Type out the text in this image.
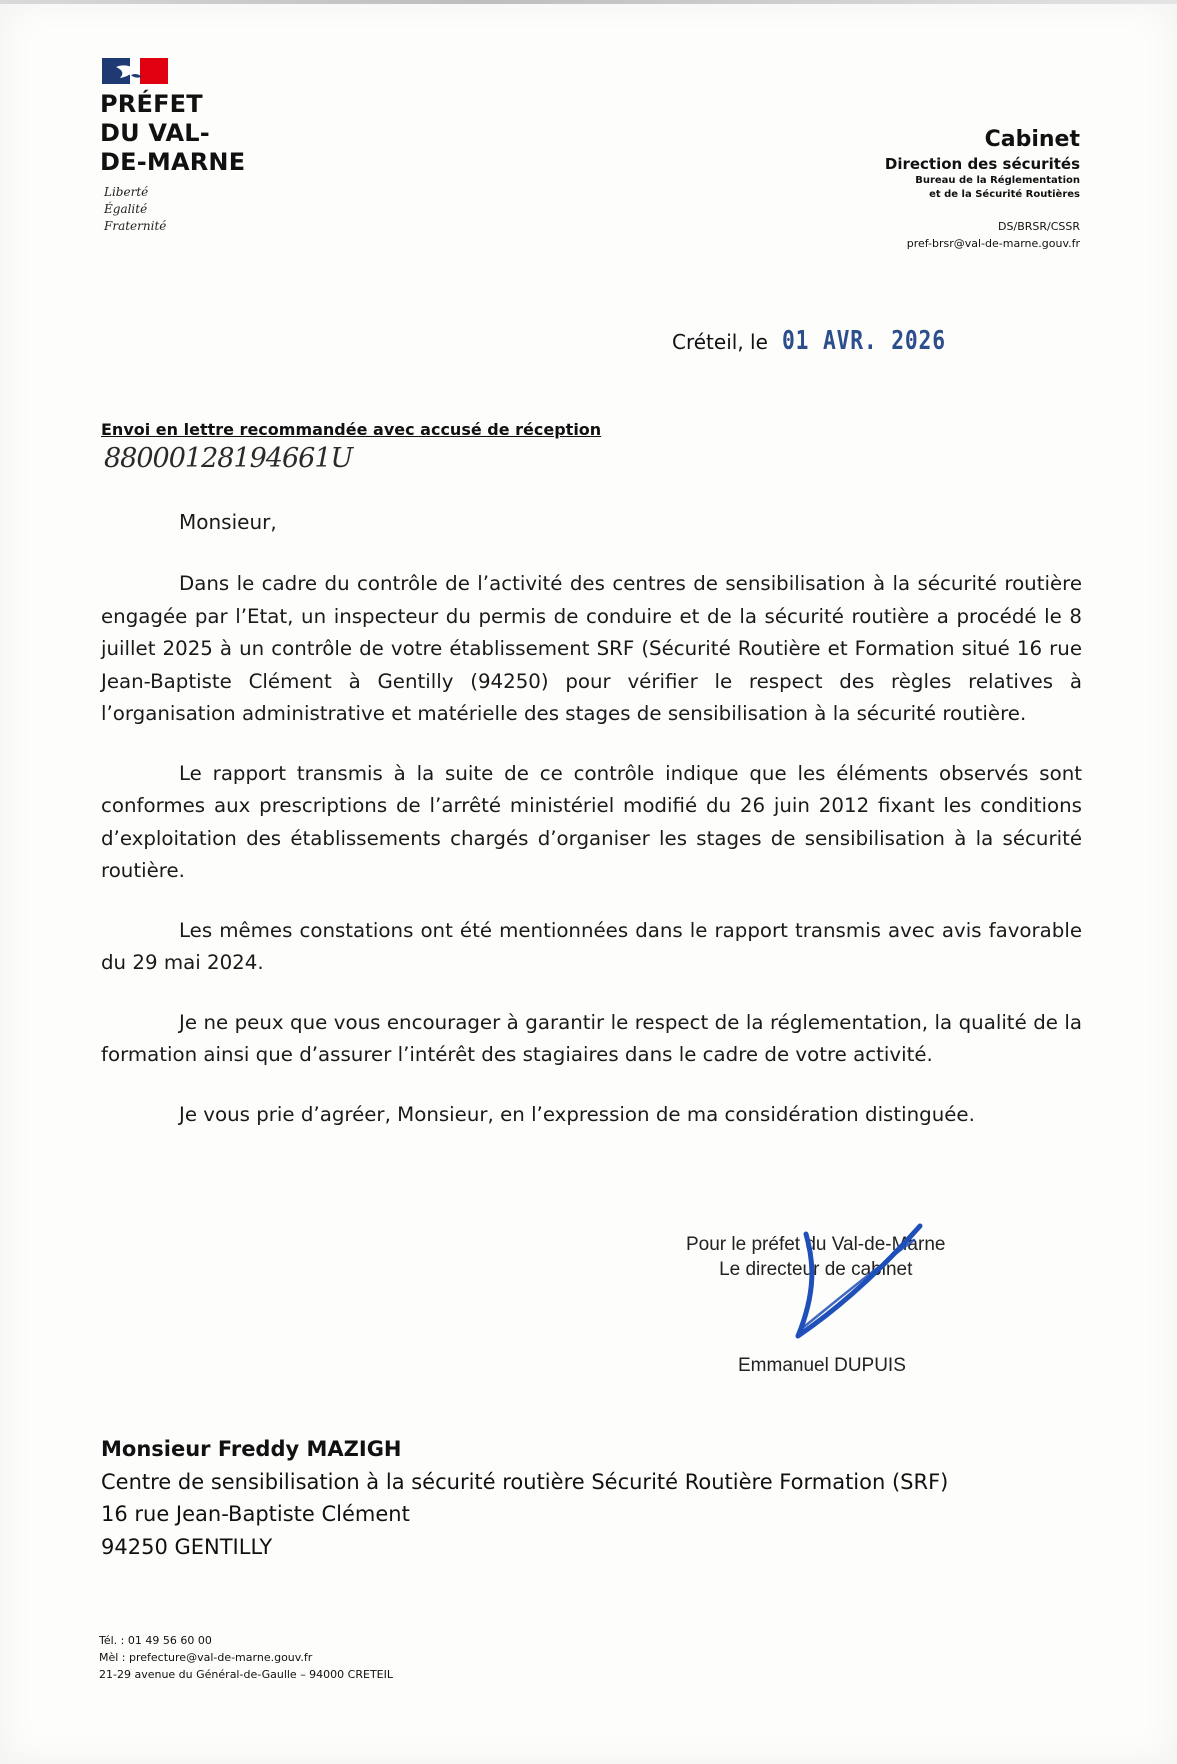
PRÉFET
DU VAL-
DE-MARNE
Liberté
Égalité
Fraternité
Cabinet
Direction des sécurités
Bureau de la Réglementation
et de la Sécurité Routières
DS/BRSR/CSSR
pref-brsr@val-de-marne.gouv.fr
Créteil, le 01 AVR. 2026
Envoi en lettre recommandée avec accusé de réception
88000128194661U
Monsieur,

Dans le cadre du contrôle de l’activité des centres de sensibilisation à la sécurité routière engagée par l’Etat, un inspecteur du permis de conduire et de la sécurité routière a procédé le 8 juillet 2025 à un contrôle de votre établissement SRF (Sécurité Routière et Formation situé 16 rue Jean-Baptiste Clément à Gentilly (94250) pour vérifier le respect des règles relatives à l’organisation administrative et matérielle des stages de sensibilisation à la sécurité routière.

Le rapport transmis à la suite de ce contrôle indique que les éléments observés sont conformes aux prescriptions de l’arrêté ministériel modifié du 26 juin 2012 fixant les conditions d’exploitation des établissements chargés d’organiser les stages de sensibilisation à la sécurité routière.

Les mêmes constations ont été mentionnées dans le rapport transmis avec avis favorable du 29 mai 2024.

Je ne peux que vous encourager à garantir le respect de la réglementation, la qualité de la formation ainsi que d’assurer l’intérêt des stagiaires dans le cadre de votre activité.

Je vous prie d’agréer, Monsieur, en l’expression de ma considération distinguée.

Pour le préfet du Val-de-Marne
Le directeur de cabinet
Emmanuel DUPUIS
Monsieur Freddy MAZIGH
Centre de sensibilisation à la sécurité routière Sécurité Routière Formation (SRF)
16 rue Jean-Baptiste Clément
94250 GENTILLY
Tél. : 01 49 56 60 00
Mèl : prefecture@val-de-marne.gouv.fr
21-29 avenue du Général-de-Gaulle – 94000 CRETEIL
